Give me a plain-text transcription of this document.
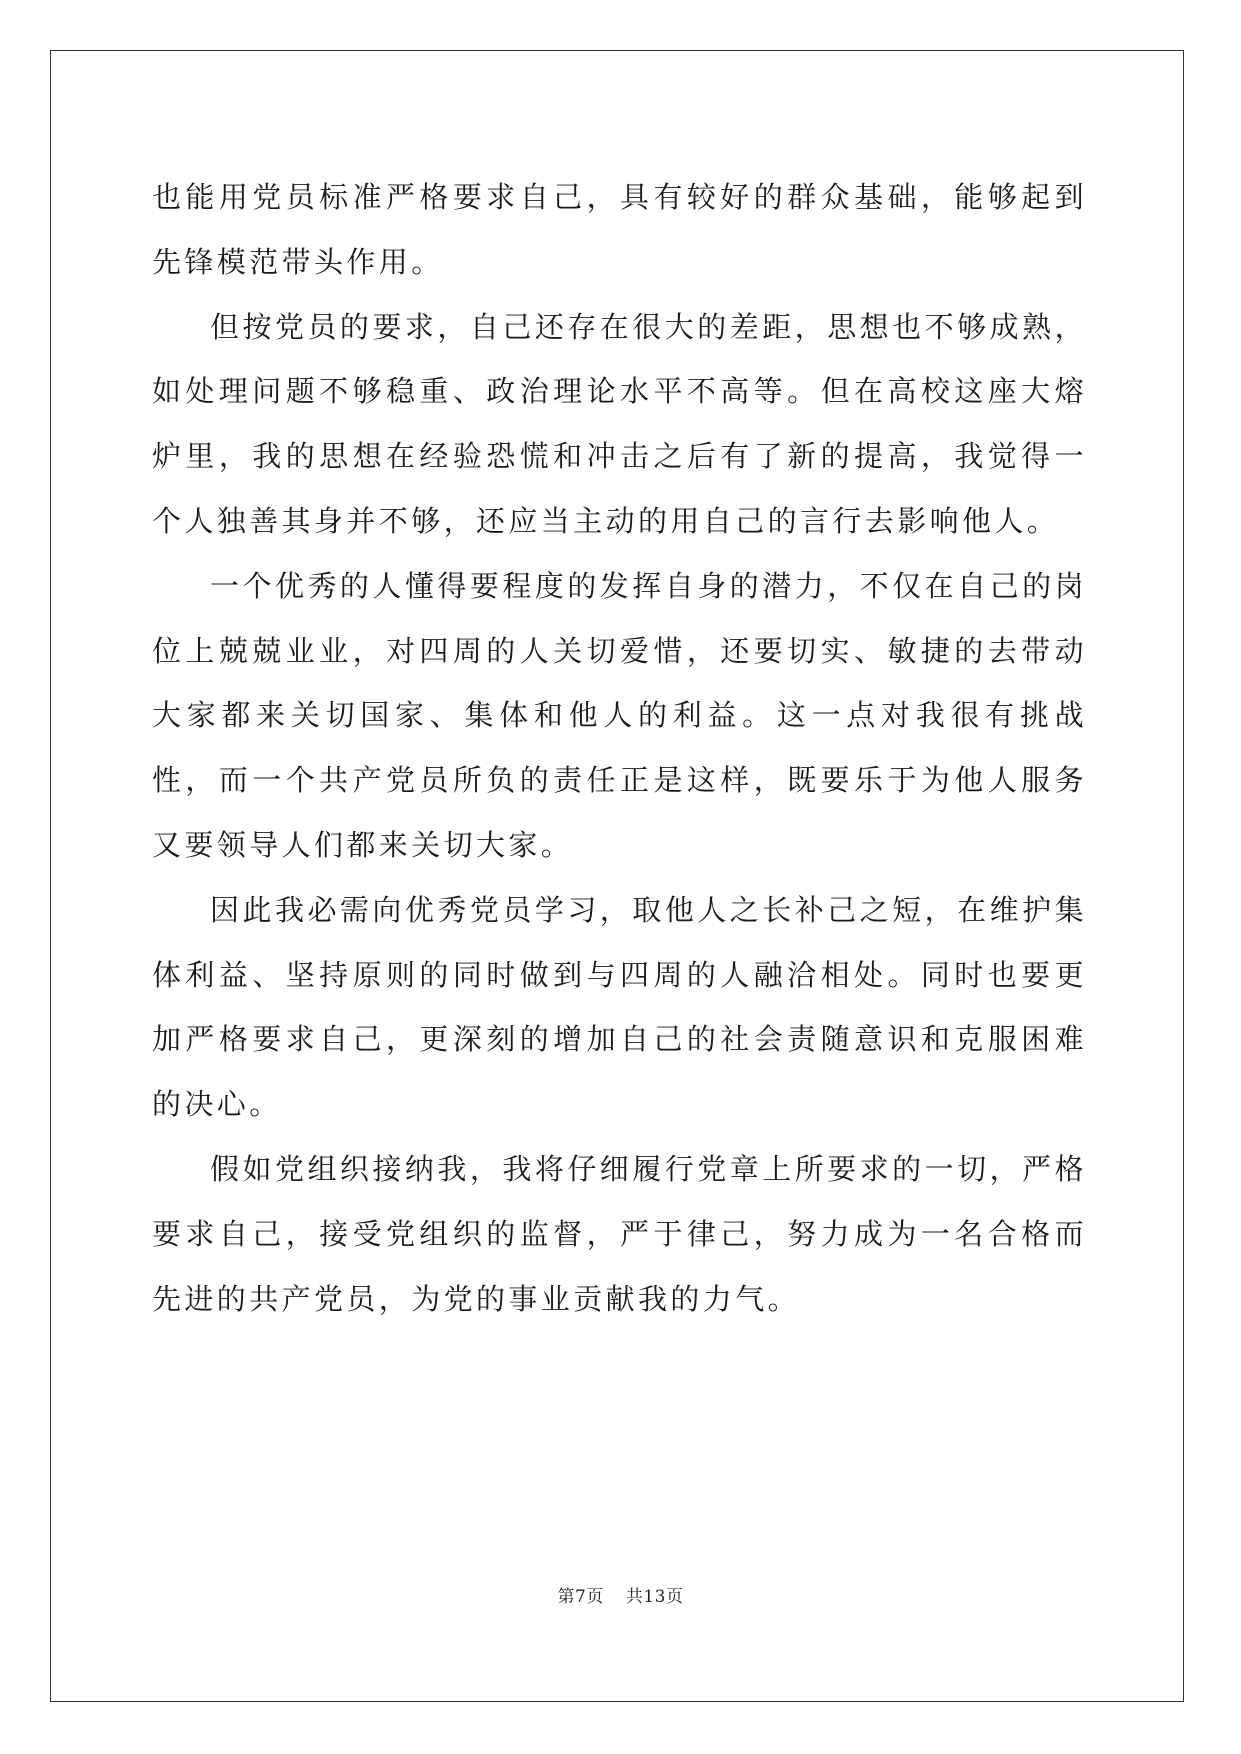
也能用党员标准严格要求自己，具有较好的群众基础，能够起到先锋模范带头作用。

但按党员的要求，自己还存在很大的差距，思想也不够成熟，如处理问题不够稳重、政治理论水平不高等。但在高校这座大熔炉里，我的思想在经验恐慌和冲击之后有了新的提高，我觉得一个人独善其身并不够，还应当主动的用自己的言行去影响他人。

一个优秀的人懂得要程度的发挥自身的潜力，不仅在自己的岗位上兢兢业业，对四周的人关切爱惜，还要切实、敏捷的去带动大家都来关切国家、集体和他人的利益。这一点对我很有挑战性，而一个共产党员所负的责任正是这样，既要乐于为他人服务又要领导人们都来关切大家。

因此我必需向优秀党员学习，取他人之长补己之短，在维护集体利益、坚持原则的同时做到与四周的人融洽相处。同时也要更加严格要求自己，更深刻的增加自己的社会责随意识和克服困难的决心。

假如党组织接纳我，我将仔细履行党章上所要求的一切，严格要求自己，接受党组织的监督，严于律己，努力成为一名合格而先进的共产党员，为党的事业贡献我的力气。

第7页 共13页
